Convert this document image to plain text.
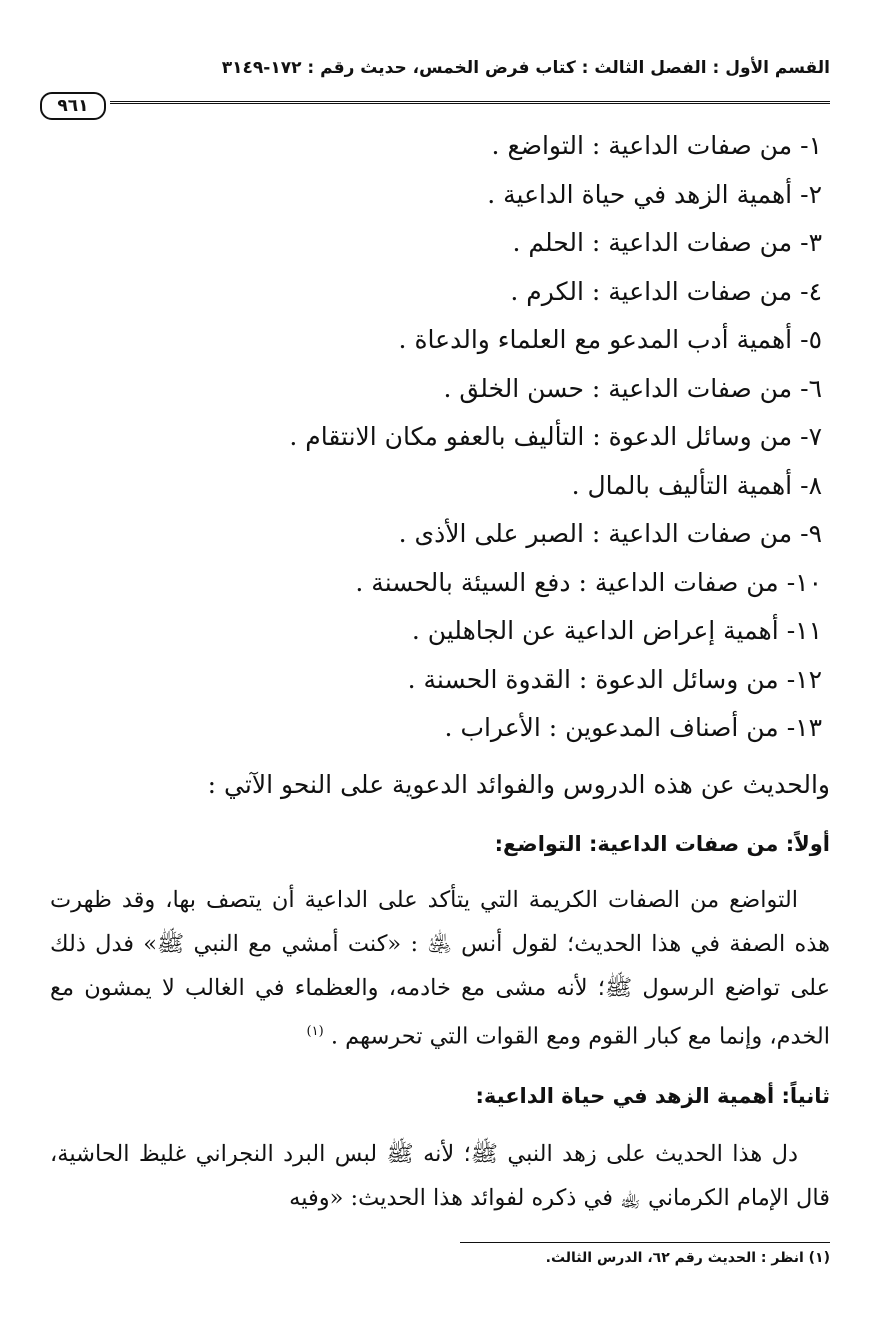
القسم الأول : الفصل الثالث : كتاب فرض الخمس، حديث رقم : ١٧٢-٣١٤٩
٩٦١
١-من صفات الداعية : التواضع .
٢-أهمية الزهد في حياة الداعية .
٣-من صفات الداعية : الحلم .
٤-من صفات الداعية : الكرم .
٥-أهمية أدب المدعو مع العلماء والدعاة .
٦-من صفات الداعية : حسن الخلق .
٧-من وسائل الدعوة : التأليف بالعفو مكان الانتقام .
٨-أهمية التأليف بالمال .
٩-من صفات الداعية : الصبر على الأذى .
١٠-من صفات الداعية : دفع السيئة بالحسنة .
١١-أهمية إعراض الداعية عن الجاهلين .
١٢-من وسائل الدعوة : القدوة الحسنة .
١٣-من أصناف المدعوين : الأعراب .
والحديث عن هذه الدروس والفوائد الدعوية على النحو الآتي :
أولاً: من صفات الداعية: التواضع:
التواضع من الصفات الكريمة التي يتأكد على الداعية أن يتصف بها، وقد ظهرت هذه الصفة في هذا الحديث؛ لقول أنس ﵁ : «كنت أمشي مع النبي ﷺ» فدل ذلك على تواضع الرسول ﷺ؛ لأنه مشى مع خادمه، والعظماء في الغالب لا يمشون مع الخدم، وإنما مع كبار القوم ومع القوات التي تحرسهم . $^{(١)}$
ثانياً: أهمية الزهد في حياة الداعية:
دل هذا الحديث على زهد النبي ﷺ؛ لأنه ﷺ لبس البرد النجراني غليظ الحاشية، قال الإمام الكرماني ﵀ في ذكره لفوائد هذا الحديث: «وفيه
(١) انظر : الحديث رقم ٦٢، الدرس الثالث.
